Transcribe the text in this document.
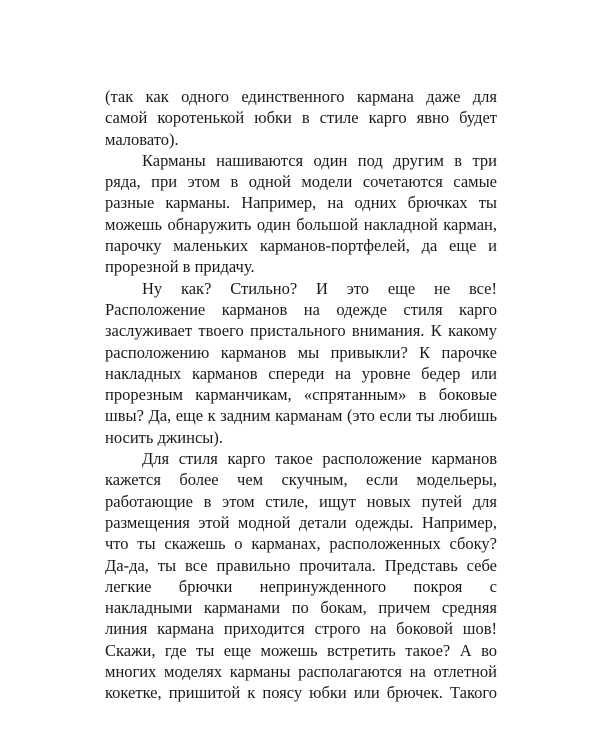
(так как одного единственного кармана даже для
самой коротенькой юбки в стиле карго явно будет
маловато).
Карманы нашиваются один под другим в три
ряда, при этом в одной модели сочетаются самые
разные карманы. Например, на одних брючках ты
можешь обнаружить один большой накладной карман,
парочку маленьких карманов-портфелей, да еще и
прорезной в придачу.
Ну как? Стильно? И это еще не все!
Расположение карманов на одежде стиля карго
заслуживает твоего пристального внимания. К какому
расположению карманов мы привыкли? К парочке
накладных карманов спереди на уровне бедер или
прорезным карманчикам, «спрятанным» в боковые
швы? Да, еще к задним карманам (это если ты любишь
носить джинсы).
Для стиля карго такое расположение карманов
кажется более чем скучным, если модельеры,
работающие в этом стиле, ищут новых путей для
размещения этой модной детали одежды. Например,
что ты скажешь о карманах, расположенных сбоку?
Да-да, ты все правильно прочитала. Представь себе
легкие брючки непринужденного покроя с
накладными карманами по бокам, причем средняя
линия кармана приходится строго на боковой шов!
Скажи, где ты еще можешь встретить такое? А во
многих моделях карманы располагаются на отлетной
кокетке, пришитой к поясу юбки или брючек. Такого
